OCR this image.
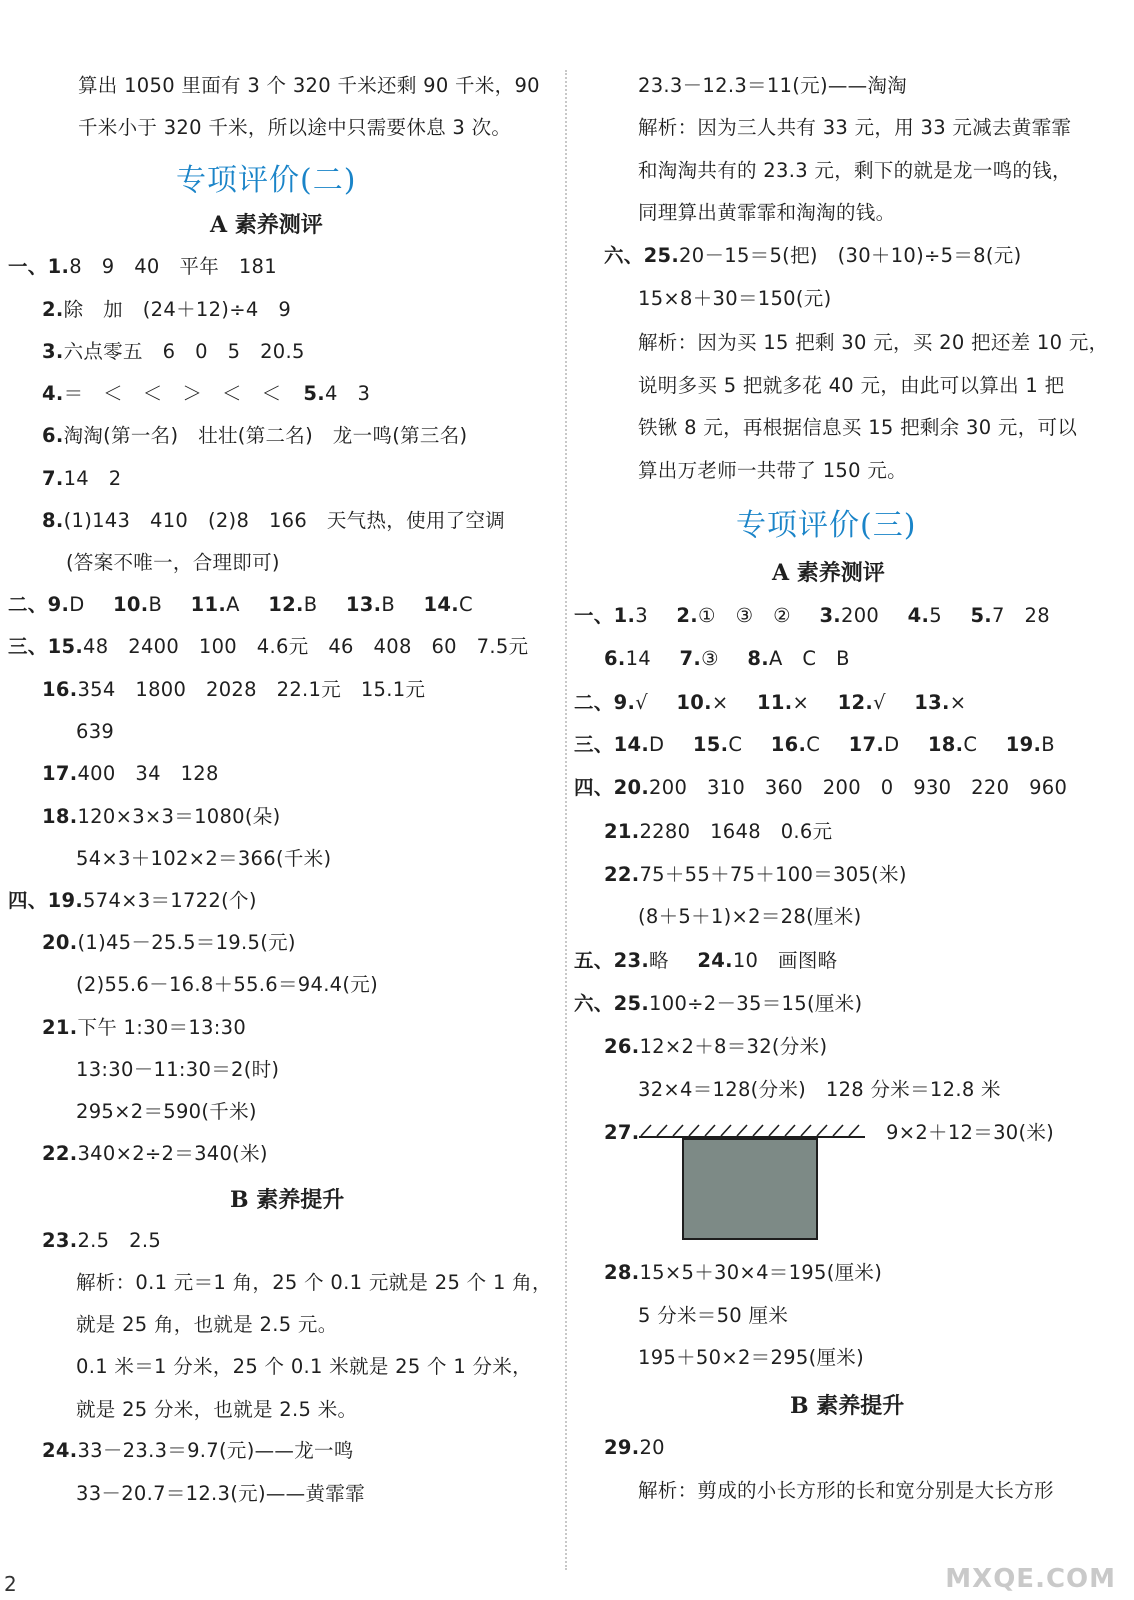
算出 1050 里面有 3 个 320 千米还剩 90 千米，90
千米小于 320 千米，所以途中只需要休息 3 次。
专项评价(二)
A 素养测评
一、1.8　9　40　平年　181
2.除　加　(24＋12)÷4　9
3.六点零五　6　0　5　20.5
4.＝　＜　＜　＞　＜　＜ 5.4　3
6.淘淘(第一名)　壮壮(第二名)　龙一鸣(第三名)
7.14　2
8.(1)143　410　(2)8　166　天气热，使用了空调
(答案不唯一，合理即可)
二、9.D 10.B 11.A 12.B 13.B 14.C
三、15.48　2400　100　4.6元　46　408　60　7.5元
16.354　1800　2028　22.1元　15.1元
639
17.400　34　128
18.120×3×3＝1080(朵)
54×3＋102×2＝366(千米)
四、19.574×3＝1722(个)
20.(1)45－25.5＝19.5(元)
(2)55.6－16.8＋55.6＝94.4(元)
21.下午 1:30＝13:30
13:30－11:30＝2(时)
295×2＝590(千米)
22.340×2÷2＝340(米)
B 素养提升
23.2.5　2.5
解析：0.1 元＝1 角，25 个 0.1 元就是 25 个 1 角，
就是 25 角，也就是 2.5 元。
0.1 米＝1 分米，25 个 0.1 米就是 25 个 1 分米，
就是 25 分米，也就是 2.5 米。
24.33－23.3＝9.7(元)——龙一鸣
33－20.7＝12.3(元)——黄霏霏
23.3－12.3＝11(元)——淘淘
解析：因为三人共有 33 元，用 33 元减去黄霏霏
和淘淘共有的 23.3 元，剩下的就是龙一鸣的钱，
同理算出黄霏霏和淘淘的钱。
六、25.20－15＝5(把)　(30＋10)÷5＝8(元)
15×8＋30＝150(元)
解析：因为买 15 把剩 30 元，买 20 把还差 10 元，
说明多买 5 把就多花 40 元，由此可以算出 1 把
铁锹 8 元，再根据信息买 15 把剩余 30 元，可以
算出万老师一共带了 150 元。
专项评价(三)
A 素养测评
一、1.3 2.①　③　② 3.200 4.5 5.7　28
6.14 7.③ 8.A　C　B
二、9.√ 10.× 11.× 12.√ 13.×
三、14.D 15.C 16.C 17.D 18.C 19.B
四、20.200　310　360　200　0　930　220　960
21.2280　1648　0.6元
22.75＋55＋75＋100＝305(米)
(8＋5＋1)×2＝28(厘米)
五、23.略 24.10　画图略
六、25.100÷2－35＝15(厘米)
26.12×2＋8＝32(分米)
32×4＝128(分米)　128 分米＝12.8 米
27.	9×2＋12＝30(米)
28.15×5＋30×4＝195(厘米)
5 分米＝50 厘米
195＋50×2＝295(厘米)
B 素养提升
29.20
解析：剪成的小长方形的长和宽分别是大长方形
2	MXQE.COM
